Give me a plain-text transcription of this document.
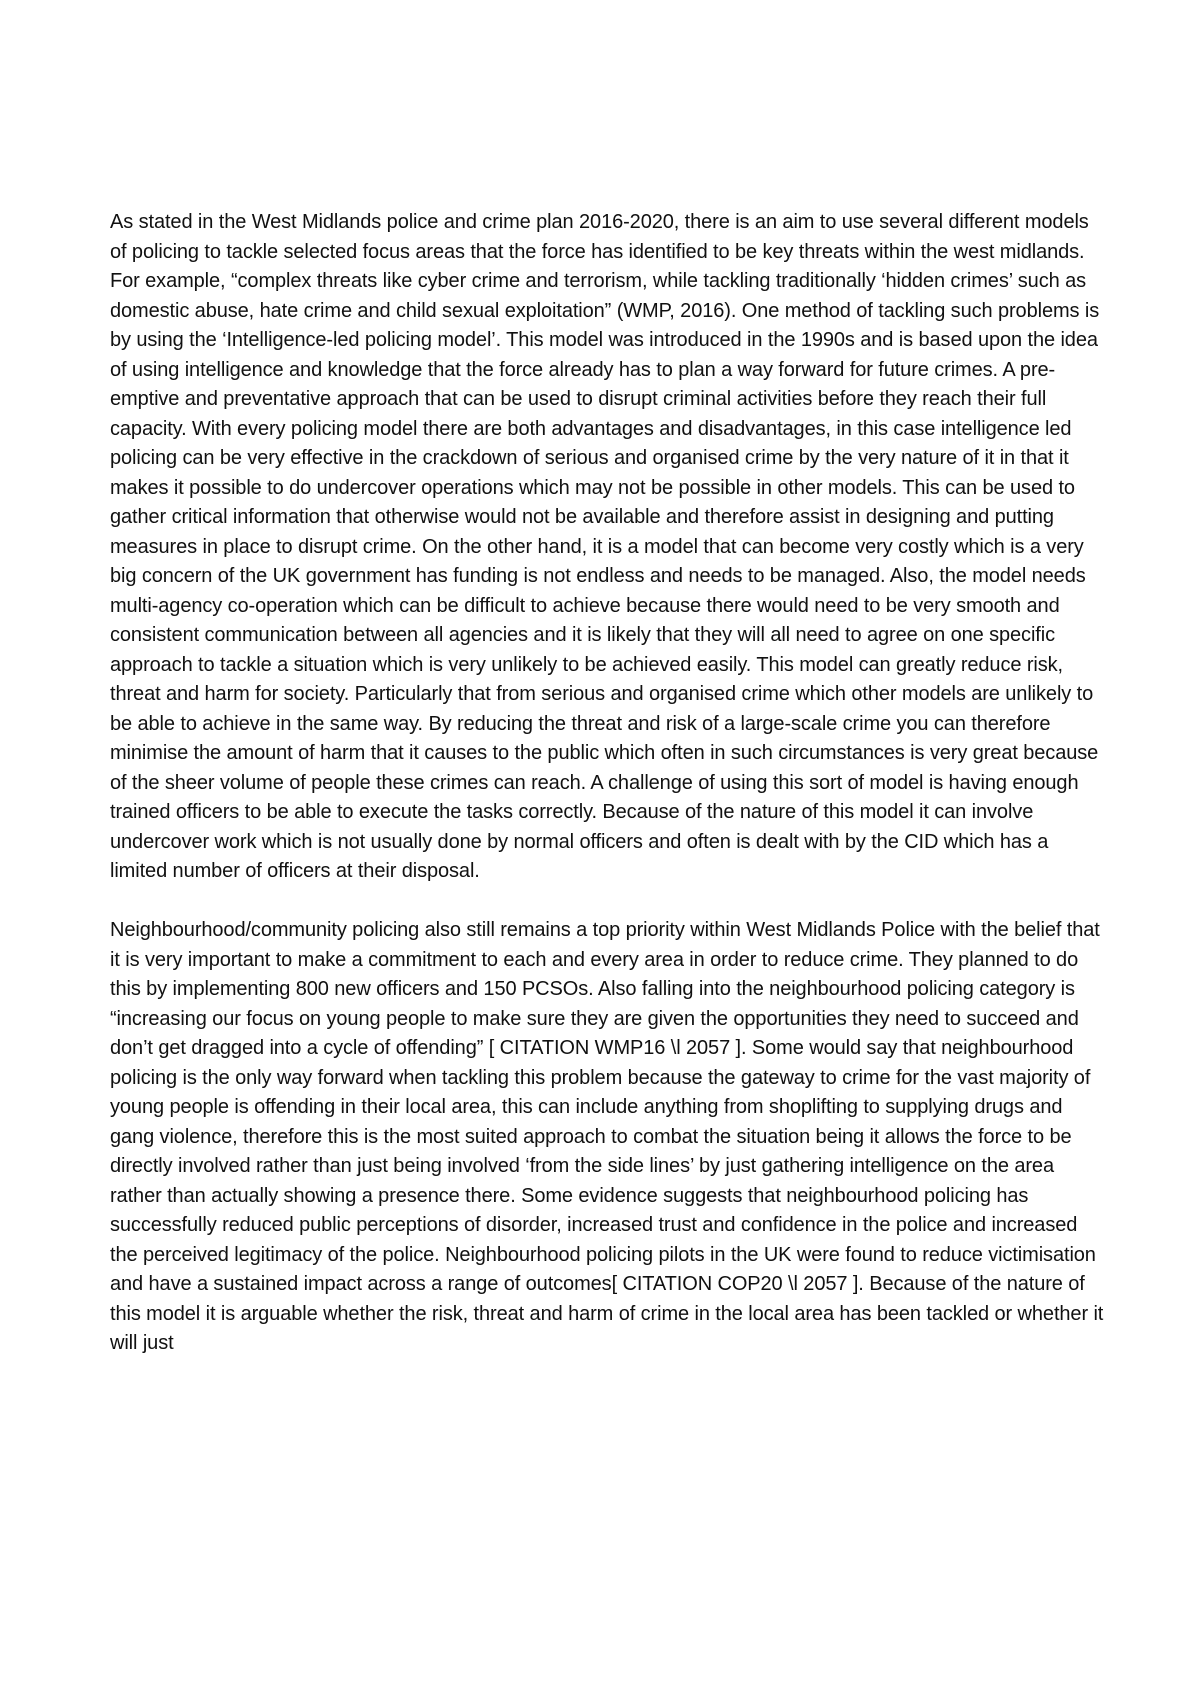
As stated in the West Midlands police and crime plan 2016-2020, there is an aim to use several different models of policing to tackle selected focus areas that the force has identified to be key threats within the west midlands. For example, “complex threats like cyber crime and terrorism, while tackling traditionally ‘hidden crimes’ such as domestic abuse, hate crime and child sexual exploitation” (WMP, 2016). One method of tackling such problems is by using the ‘Intelligence-led policing model’. This model was introduced in the 1990s and is based upon the idea of using intelligence and knowledge that the force already has to plan a way forward for future crimes. A pre-emptive and preventative approach that can be used to disrupt criminal activities before they reach their full capacity. With every policing model there are both advantages and disadvantages, in this case intelligence led policing can be very effective in the crackdown of serious and organised crime by the very nature of it in that it makes it possible to do undercover operations which may not be possible in other models. This can be used to gather critical information that otherwise would not be available and therefore assist in designing and putting measures in place to disrupt crime. On the other hand, it is a model that can become very costly which is a very big concern of the UK government has funding is not endless and needs to be managed. Also, the model needs multi-agency co-operation which can be difficult to achieve because there would need to be very smooth and consistent communication between all agencies and it is likely that they will all need to agree on one specific approach to tackle a situation which is very unlikely to be achieved easily. This model can greatly reduce risk, threat and harm for society. Particularly that from serious and organised crime which other models are unlikely to be able to achieve in the same way. By reducing the threat and risk of a large-scale crime you can therefore minimise the amount of harm that it causes to the public which often in such circumstances is very great because of the sheer volume of people these crimes can reach. A challenge of using this sort of model is having enough trained officers to be able to execute the tasks correctly. Because of the nature of this model it can involve undercover work which is not usually done by normal officers and often is dealt with by the CID which has a limited number of officers at their disposal.

Neighbourhood/community policing also still remains a top priority within West Midlands Police with the belief that it is very important to make a commitment to each and every area in order to reduce crime. They planned to do this by implementing 800 new officers and 150 PCSOs. Also falling into the neighbourhood policing category is “increasing our focus on young people to make sure they are given the opportunities they need to succeed and don’t get dragged into a cycle of offending” [ CITATION WMP16 \l 2057 ]. Some would say that neighbourhood policing is the only way forward when tackling this problem because the gateway to crime for the vast majority of young people is offending in their local area, this can include anything from shoplifting to supplying drugs and gang violence, therefore this is the most suited approach to combat the situation being it allows the force to be directly involved rather than just being involved ‘from the side lines’ by just gathering intelligence on the area rather than actually showing a presence there. Some evidence suggests that neighbourhood policing has successfully reduced public perceptions of disorder, increased trust and confidence in the police and increased the perceived legitimacy of the police. Neighbourhood policing pilots in the UK were found to reduce victimisation and have a sustained impact across a range of outcomes[ CITATION COP20 \l 2057 ]. Because of the nature of this model it is arguable whether the risk, threat and harm of crime in the local area has been tackled or whether it will just
